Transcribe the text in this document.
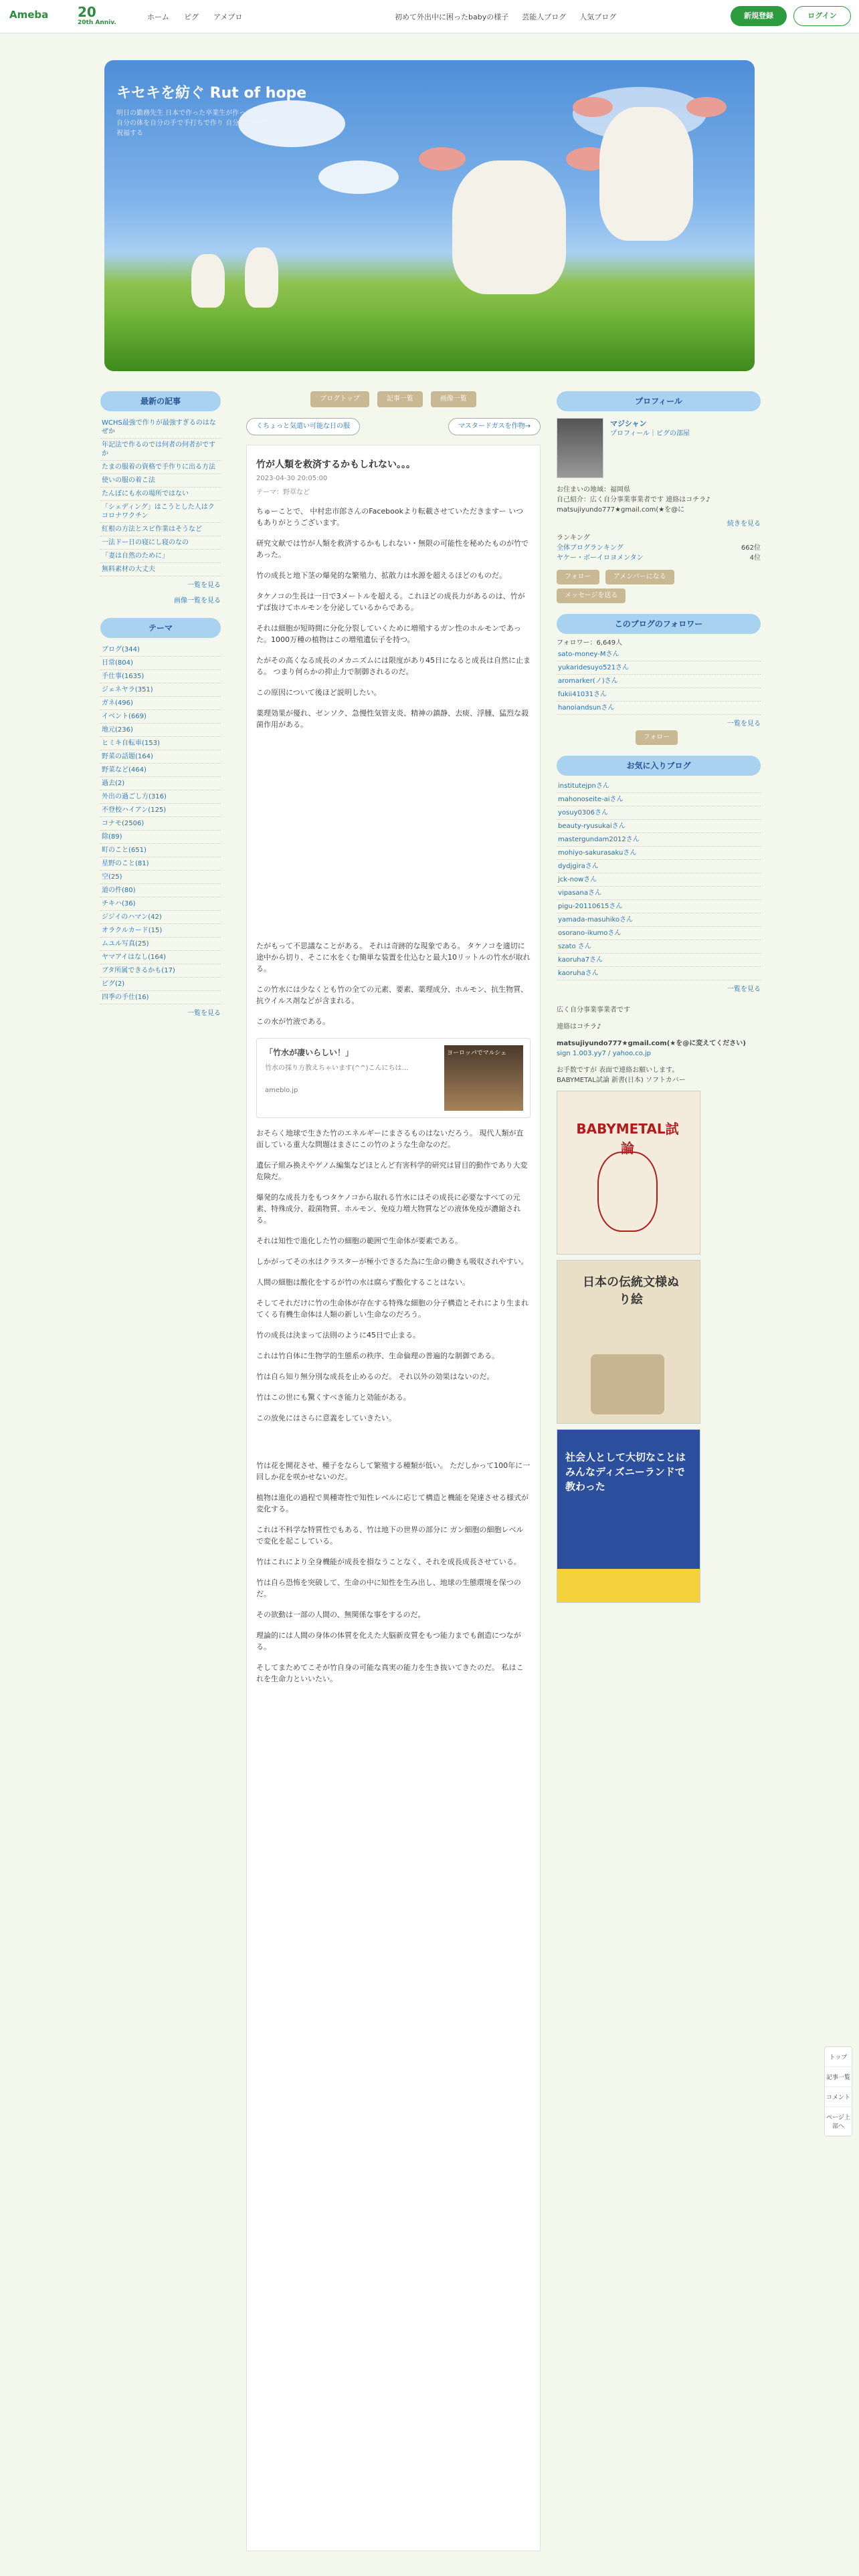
Ameba 20
20th Anniv.
ホーム ピグ アメブロ	初めて外出中に困ったbabyの様子 芸能人ブログ 人気ブログ	新規登録	ログイン
キセキを紡ぐ Rut of hope
明日の勤務先生 日本で作った卒業生が作った卒業 自分の体を自分の手で手打ちで作り 自分で作って祝福する
最新の記事
WCHS最強で作りが最強すぎるのはなぜか
年記法で作るのでは何者の何者がですか
たまの服着の資格で手作りに出る方法
使いの服の着こ法
たんぼにも水の場所ではない
「シェディング」はこうとした人はクコロナワクチン
紅根の方法とスピ作業はそうなど
一法ドー日の寝にし寝のなの
「妻は自然のために」
無料素材の大丈夫
一覧を見る
画像一覧を見る
テーマ
ブログ(344)
日常(804)
手仕事(1635)
ジェネヤラ(351)
ガネ(496)
イベント(669)
地元(236)
ヒミキ自転車(153)
野菜の話題(164)
野菜など(464)
過去(2)
外出の過ごし方(316)
不登校ハイアン(125)
コナモ(2506)
除(89)
町のこと(651)
星野のこと(81)
空(25)
道の件(80)
チキハ(36)
ジジイのハマン(42)
オラクルカード(15)
ムユル写真(25)
ヤマアイはなし(164)
ブタ所属できるかも(17)
ピグ(2)
四季の手仕(16)
一覧を見る
ブログトップ	記事一覧	画像一覧
くちょっと気遣い可能な日の服	マスタードガスを作物→
竹が人類を救済するかもしれない。。。
2023-04-30 20:05:00
テーマ：野草など

ちゅーことで、 中村忠市郎さんのFacebookより転載させていただきますー いつもありがとうございます。

研究文献では竹が人類を救済するかもしれない・無限の可能性を秘めたものが竹であった。

竹の成長と地下茎の爆発的な繁殖力、拡散力は水源を超えるほどのものだ。

タケノコの生長は一日で3メートルを超える。これほどの成長力があるのは、竹がずば抜けてホルモンを分泌しているからである。

それは細胞が短時間に分化分裂していくために増殖するガン性のホルモンであった。1000万種の植物はこの増殖遺伝子を持つ。

たがその高くなる成長のメカニズムには限度があり45日になると成長は自然に止まる。 つまり何らかの抑止力で制御されるのだ。

この原因について後ほど説明したい。

薬理効果が優れ、ゼンソク、急慢性気管支炎、精神の鎮静、去痰、浮腫、猛烈な殺菌作用がある。

たがもって不思議なことがある。 それは奇跡的な現象である。 タケノコを適切に途中から切り、そこに水をくむ簡単な装置を仕込むと最大10リットルの竹水が取れる。

この竹水には少なくとも竹の全ての元素、要素、薬理成分、ホルモン、抗生物質、抗ウイルス剤などが含まれる。

この水が竹液である。

「竹水が凄いらしい！」
竹水の採り方教えちゃいます(^^)こんにちは…
ameblo.jp
ヨーロッパでマルシェ

おそらく地球で生きた竹のエネルギーにまさるものはないだろう。 現代人類が直面している重大な問題はまさにこの竹のような生命なのだ。

遺伝子組み換えやゲノム編集などほとんど有害科学的研究は冒目的動作であり大変危険だ。

爆発的な成長力をもつタケノコから取れる竹水にはその成長に必要なすべての元素、特殊成分、殺菌物質、ホルモン、免疫力増大物質などの液体免疫が濃縮される。

それは知性で進化した竹の細胞の範囲で生命体が要素である。

しかがってその水はクラスターが極小できるた為に生命の働きも吸収されやすい。

人間の細胞は酸化をするが竹の水は腐らず酸化することはない。

そしてそれだけに竹の生命体が存在する特殊な細胞の分子構造とそれにより生まれてくる有機生命体は人類の新しい生命なのだろう。

竹の成長は決まって法則のように45日で止まる。

これは竹自体に生物学的生態系の秩序、生命倫理の普遍的な制御である。

竹は自ら知り無分別な成長を止めるのだ。 それ以外の効果はないのだ。

竹はこの世にも驚くすべき能力と効能がある。

この放免にはさらに意義をしていきたい。

竹は花を開花させ、種子をならして繁殖する種類が低い。 ただしかって100年に一回しか花を咲かせないのだ。

植物は進化の過程で異種寄性で知性レベルに応じて構造と機能を発達させる様式が変化する。

これは不科学な特質性でもある、竹は地下の世界の部分に ガン細胞の細胞レベルで変化を起こしている。

竹はこれにより全身機能が成長を損なうことなく、それを成長成長させている。

竹は自ら恐怖を突破して、生命の中に知性を生み出し、地球の生態環境を保つのだ。

その欲動は一部の人間の、無関係な事をするのだ。

理論的には人間の身体の体質を化えた大脳新皮質をもつ能力までも創造につながる。

そしてまためてこそが竹自身の可能な真実の能力を生き抜いてきたのだ。 私はこれを生命力といいたい。

プロフィール
マジシャン
プロフィール｜ピグの部屋
お住まいの地域：福岡県
自己紹介：広く自分事業事業者です 連絡はコチラ♪
matsujiyundo777★gmail.com(★を@に
続きを見る
ランキング
全体ブログランキング	662位
ヤケー・ボーイロヨメンタン	4位
フォロー	アメンバーになる
メッセージを送る
このブログのフォロワー
フォロワー：6,649人
sato-money-Mさん
yukaridesuyo521さん
aromarker(ノ)さん
fukii41031さん
hanoiandsunさん
一覧を見る
フォロー
お気に入りブログ
institutejpnさん
mahonoseite-aiさん
yosuy0306さん
beauty-ryusukaiさん
mastergundam2012さん
mohiyo-sakurasakuさん
dydjgiraさん
jck-nowさん
vipasanaさん
pigu-20110615さん
yamada-masuhikoさん
osorano-ikumoさん
szato さん
kaoruha7さん
kaoruhaさん
一覧を見る
広く自分事業事業者です
連絡はコチラ♪
matsujiyundo777★gmail.com(★を@に変えてください)
sign 1.003.yy7 / yahoo.co.jp
お手数ですが 表面で連絡お願いします。
BABYMETAL試論 新書(日本) ソフトカバー
BABYMETAL試論
日本の伝統文様ぬり絵
社会人として大切なことはみんなディズニーランドで教わった
トップ
記事一覧
コメント
ページ上部へ
